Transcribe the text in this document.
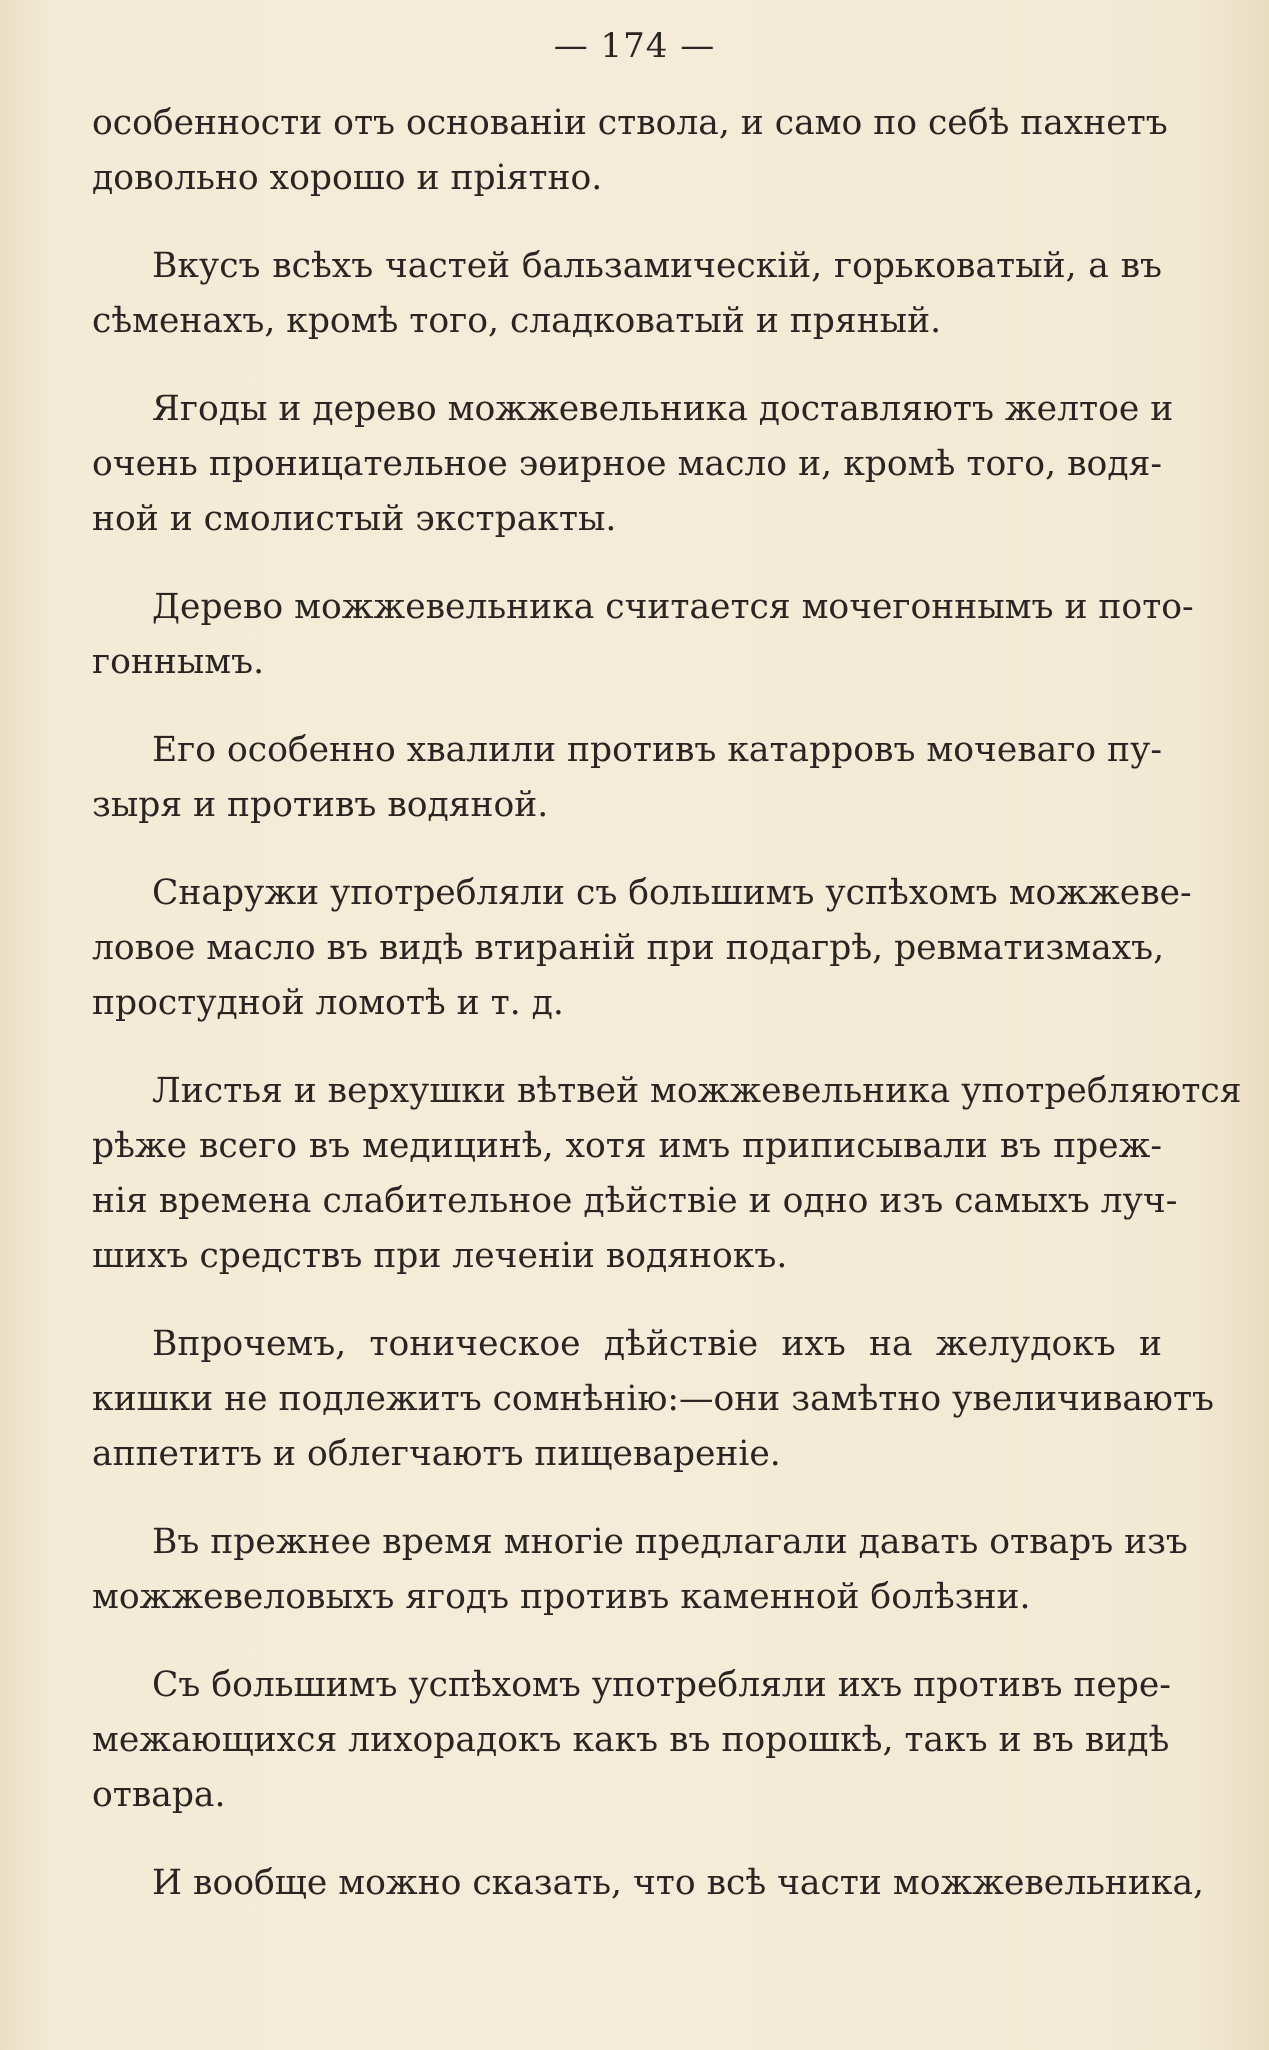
— 174 —
особенности отъ основанiи ствола, и само по себѣ пахнетъ
довольно хорошо и прiятно.
Вкусъ всѣхъ частей бальзамическiй, горьковатый, а въ
сѣменахъ, кромѣ того, сладковатый и пряный.
Ягоды и дерево можжевельника доставляютъ желтое и
очень проницательное эѳирное масло и, кромѣ того, водя-
ной и смолистый экстракты.
Дерево можжевельника считается мочегоннымъ и пото-
гоннымъ.
Его особенно хвалили противъ катарровъ мочеваго пу-
зыря и противъ водяной.
Снаружи употребляли съ большимъ успѣхомъ можжеве-
ловое масло въ видѣ втиранiй при подагрѣ, ревматизмахъ,
простудной ломотѣ и т. д.
Листья и верхушки вѣтвей можжевельника употребляются
рѣже всего въ медицинѣ, хотя имъ приписывали въ преж-
нiя времена слабительное дѣйствiе и одно изъ самыхъ луч-
шихъ средствъ при леченiи водянокъ.
Впрочемъ, тоническое дѣйствiе ихъ на желудокъ и
кишки не подлежитъ сомнѣнiю:—они замѣтно увеличиваютъ
аппетитъ и облегчаютъ пищеваренiе.
Въ прежнее время многiе предлагали давать отваръ изъ
можжевеловыхъ ягодъ противъ каменной болѣзни.
Съ большимъ успѣхомъ употребляли ихъ противъ пере-
межающихся лихорадокъ какъ въ порошкѣ, такъ и въ видѣ
отвара.
И вообще можно сказать, что всѣ части можжевельника,
